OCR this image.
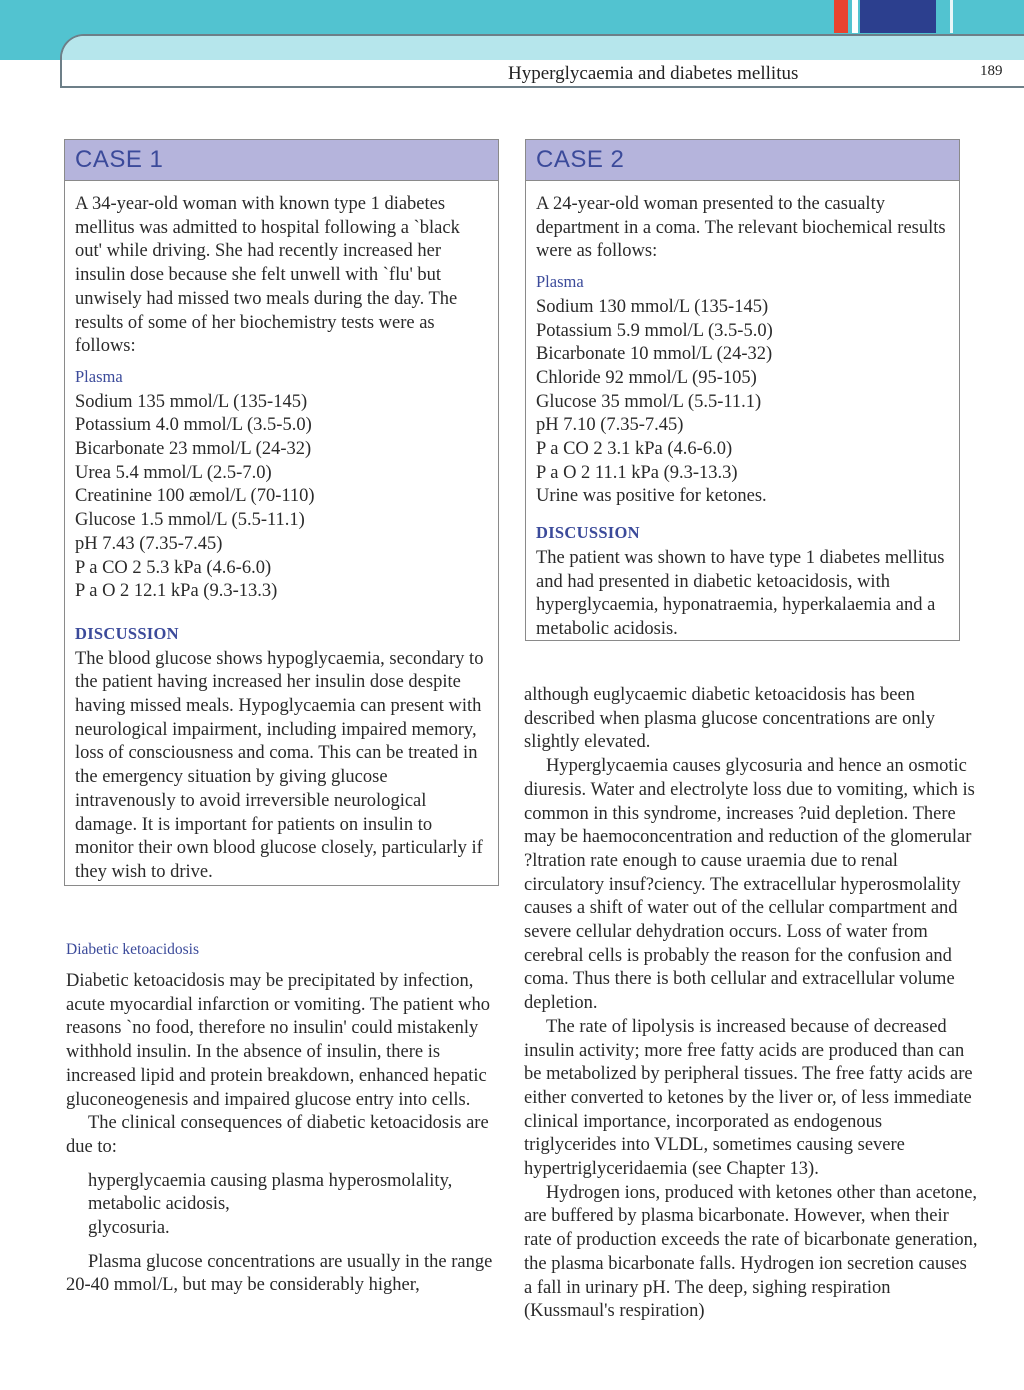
Hyperglycaemia and diabetes mellitus	189
CASE 1

A 34-year-old woman with known type 1 diabetes mellitus was admitted to hospital following a `black out' while driving. She had recently increased her insulin dose because she felt unwell with `flu' but unwisely had missed two meals during the day. The results of some of her biochemistry tests were as follows:

Plasma
Sodium 135 mmol/L (135-145)
Potassium 4.0 mmol/L (3.5-5.0)
Bicarbonate 23 mmol/L (24-32)
Urea 5.4 mmol/L (2.5-7.0)
Creatinine 100 æmol/L (70-110)
Glucose 1.5 mmol/L (5.5-11.1)
pH 7.43 (7.35-7.45)
P a CO 2 5.3 kPa (4.6-6.0)
P a O 2 12.1 kPa (9.3-13.3)
DISCUSSION

The blood glucose shows hypoglycaemia, secondary to the patient having increased her insulin dose despite having missed meals. Hypoglycaemia can present with neurological impairment, including impaired memory, loss of consciousness and coma. This can be treated in the emergency situation by giving glucose intravenously to avoid irreversible neurological damage. It is important for patients on insulin to monitor their own blood glucose closely, particularly if they wish to drive.

CASE 2

A 24-year-old woman presented to the casualty department in a coma. The relevant biochemical results were as follows:

Plasma
Sodium 130 mmol/L (135-145)
Potassium 5.9 mmol/L (3.5-5.0)
Bicarbonate 10 mmol/L (24-32)
Chloride 92 mmol/L (95-105)
Glucose 35 mmol/L (5.5-11.1)
pH 7.10 (7.35-7.45)
P a CO 2 3.1 kPa (4.6-6.0)
P a O 2 11.1 kPa (9.3-13.3)
Urine was positive for ketones.
DISCUSSION

The patient was shown to have type 1 diabetes mellitus and had presented in diabetic ketoacidosis, with hyperglycaemia, hyponatraemia, hyperkalaemia and a metabolic acidosis.

Diabetic ketoacidosis

Diabetic ketoacidosis may be precipitated by infection, acute myocardial infarction or vomiting. The patient who reasons `no food, therefore no insulin' could mistakenly withhold insulin. In the absence of insulin, there is increased lipid and protein breakdown, enhanced hepatic gluconeogenesis and impaired glucose entry into cells.

The clinical consequences of diabetic ketoacidosis are due to:

hyperglycaemia causing plasma hyperosmolality,
metabolic acidosis,
glycosuria.

Plasma glucose concentrations are usually in the range 20-40 mmol/L, but may be considerably higher,

although euglycaemic diabetic ketoacidosis has been described when plasma glucose concentrations are only slightly elevated.

Hyperglycaemia causes glycosuria and hence an osmotic diuresis. Water and electrolyte loss due to vomiting, which is common in this syndrome, increases ?uid depletion. There may be haemoconcentration and reduction of the glomerular ?ltration rate enough to cause uraemia due to renal circulatory insuf?ciency. The extracellular hyperosmolality causes a shift of water out of the cellular compartment and severe cellular dehydration occurs. Loss of water from cerebral cells is probably the reason for the confusion and coma. Thus there is both cellular and extracellular volume depletion.

The rate of lipolysis is increased because of decreased insulin activity; more free fatty acids are produced than can be metabolized by peripheral tissues. The free fatty acids are either converted to ketones by the liver or, of less immediate clinical importance, incorporated as endogenous triglycerides into VLDL, sometimes causing severe hypertriglyceridaemia (see Chapter 13).

Hydrogen ions, produced with ketones other than acetone, are buffered by plasma bicarbonate. However, when their rate of production exceeds the rate of bicarbonate generation, the plasma bicarbonate falls. Hydrogen ion secretion causes a fall in urinary pH. The deep, sighing respiration (Kussmaul's respiration)
